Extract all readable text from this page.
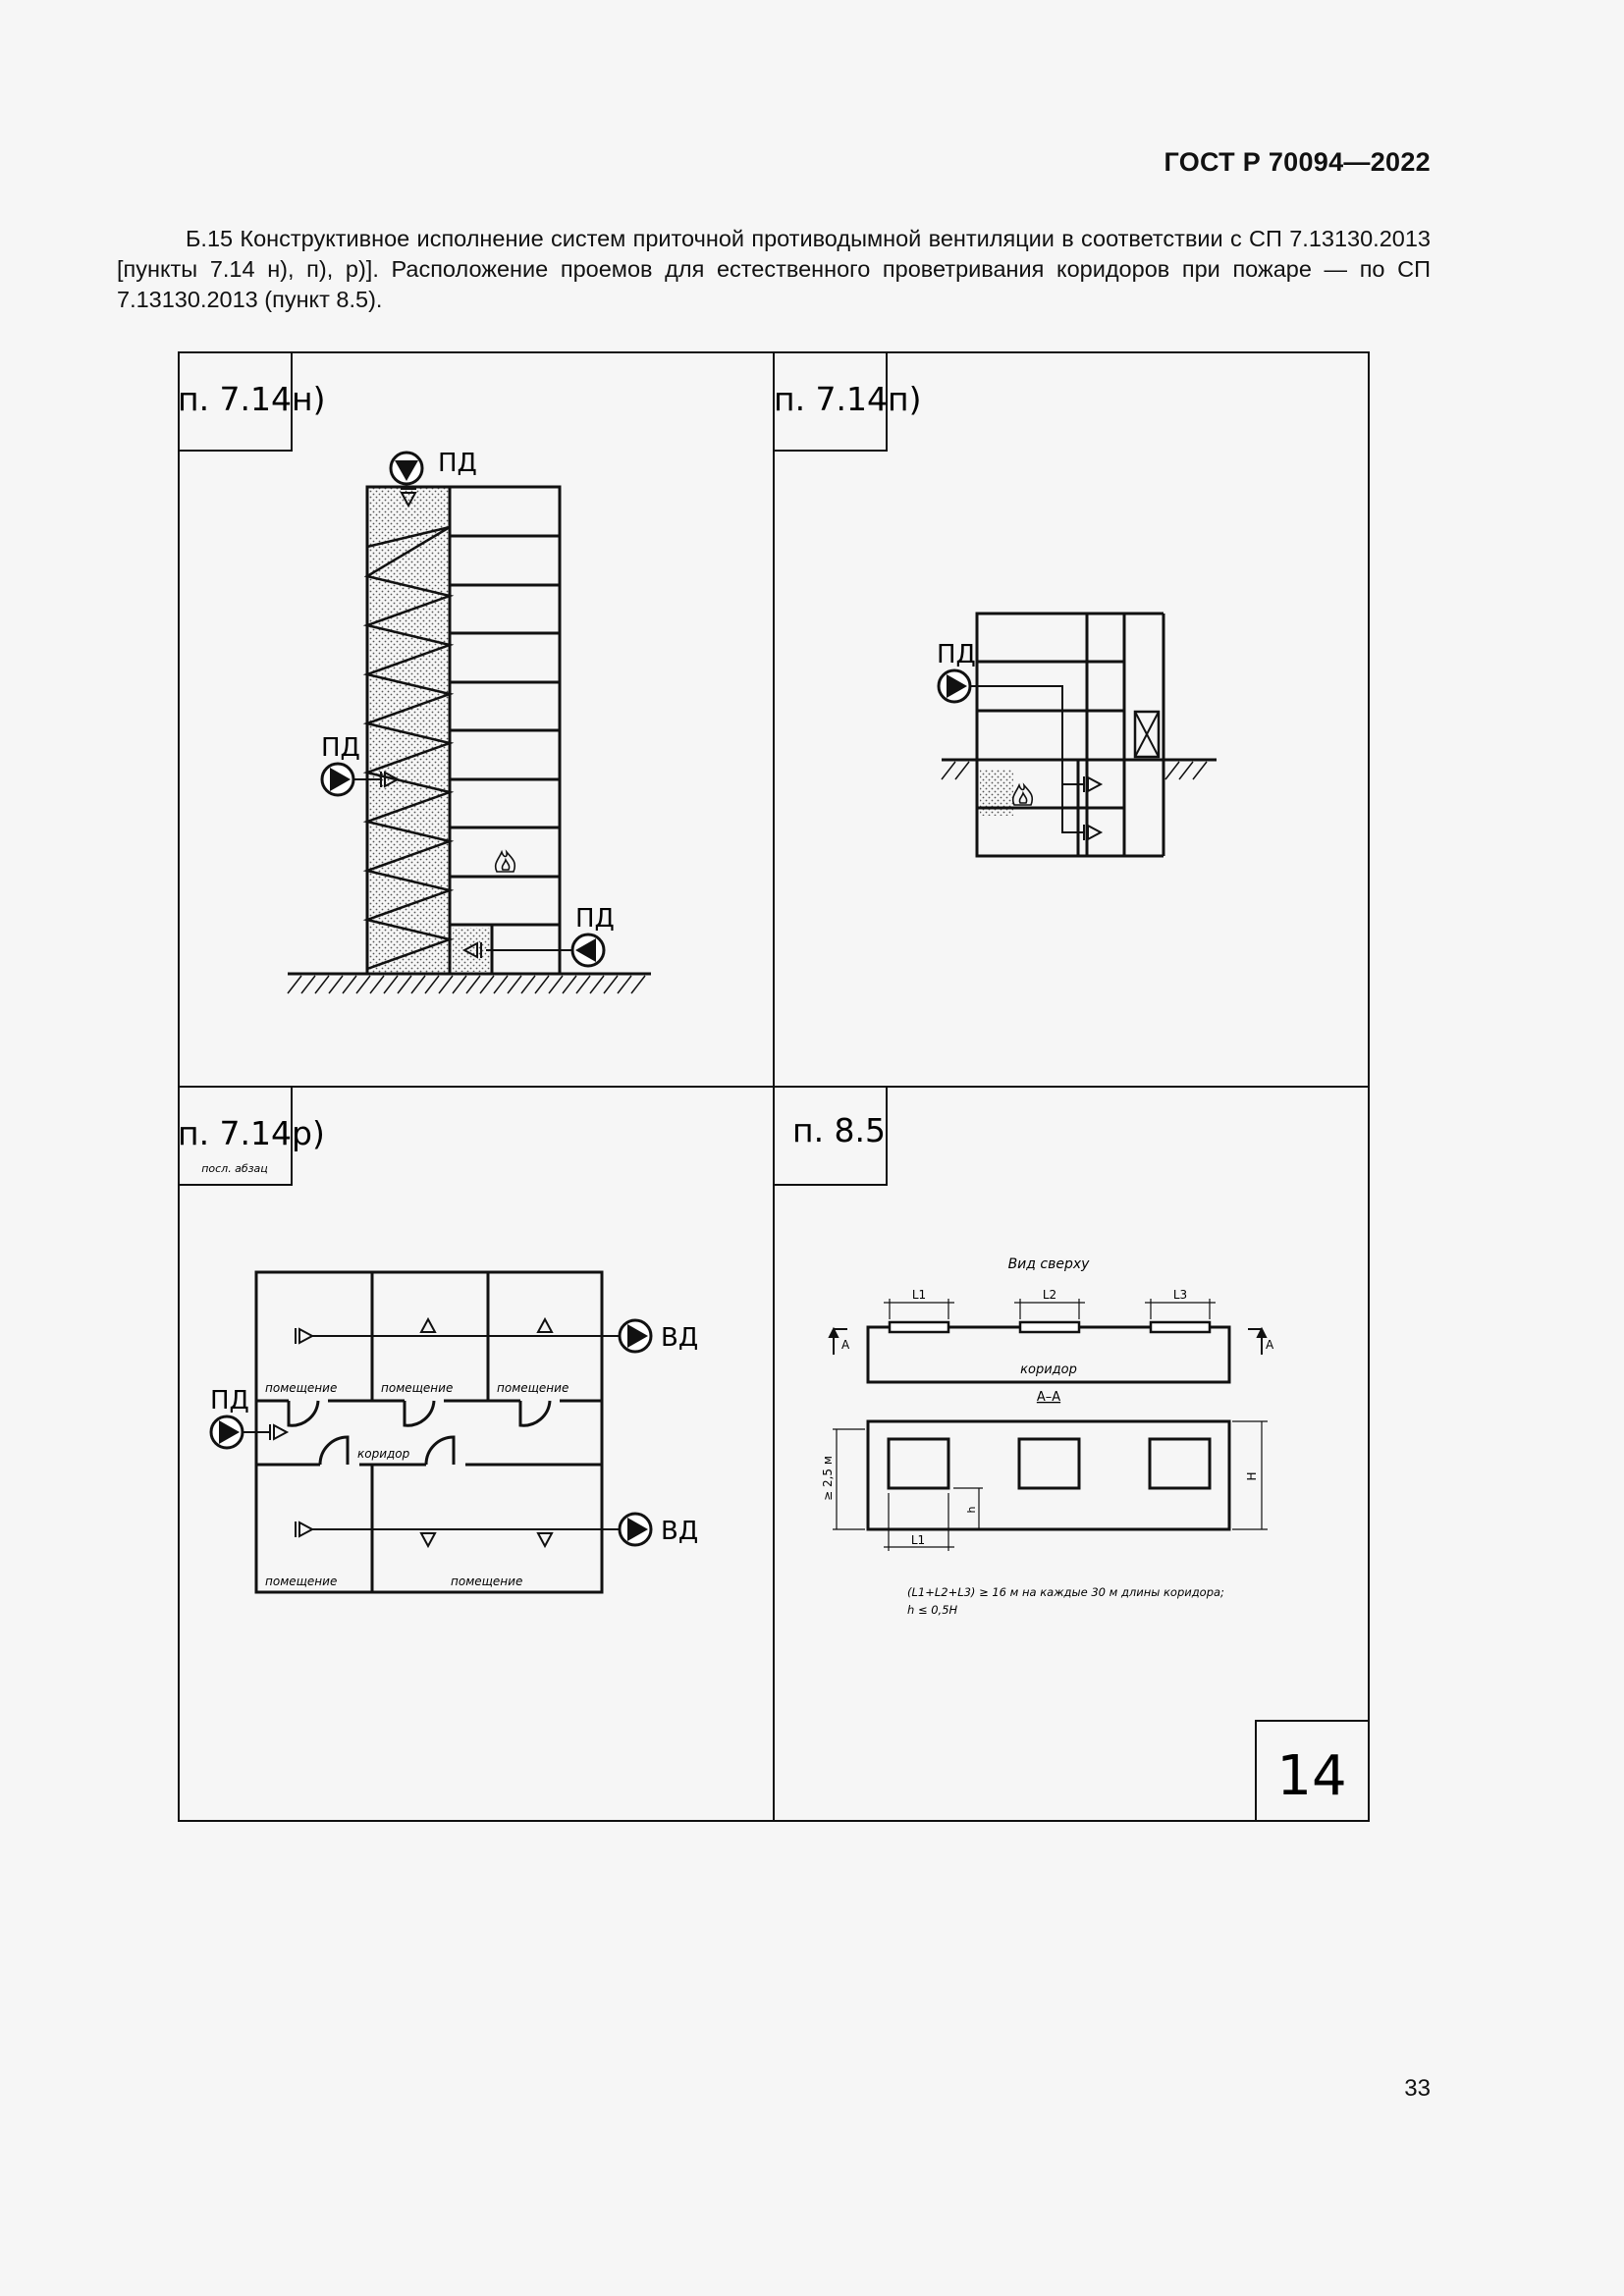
ГОСТ Р 70094—2022

Б.15 Конструктивное исполнение систем приточной противодымной вентиляции в соответствии с СП 7.13130.2013 [пункты 7.14 н), п), р)]. Расположение проемов для естественного проветривания коридоров при пожаре — по СП 7.13130.2013 (пункт 8.5).

п. 7.14н)
ПД
ПД
ПД
п. 7.14п)
ПД
п. 7.14р)
посл. абзац
помещение	помещение	помещение
коридор
помещение	помещение
ВД
ВД
ПД
п. 8.5
Вид сверху
L1	L2	L3
А	А
коридор
А–А
≥ 2,5 м	H
h
L1
(L1+L2+L3) ≥ 16 м на каждые 30 м длины коридора;
h ≤ 0,5H
14
33
